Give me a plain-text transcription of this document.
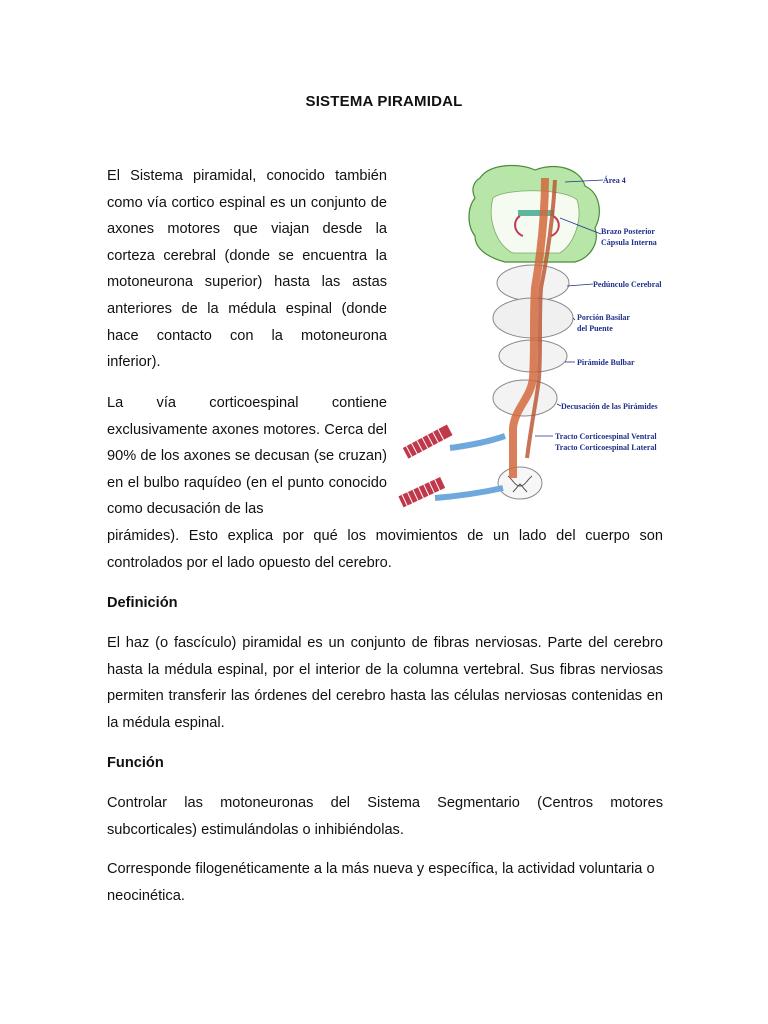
SISTEMA PIRAMIDAL

El Sistema piramidal, conocido también como vía cortico espinal es un conjunto de axones motores que viajan desde la corteza cerebral (donde se encuentra la motoneurona superior) hasta las astas anteriores de la médula espinal (donde hace contacto con la motoneurona inferior).

La vía corticoespinal contiene exclusivamente axones motores. Cerca del 90% de los axones se decusan (se cruzan) en el bulbo raquídeo (en el punto conocido como decusación de las

pirámides). Esto explica por qué los movimientos de un lado del cuerpo son controlados por el lado opuesto del cerebro.

Definición

El haz (o fascículo) piramidal es un conjunto de fibras nerviosas. Parte del cerebro hasta la médula espinal, por el interior de la columna vertebral. Sus fibras nerviosas permiten transferir las órdenes del cerebro hasta las células nerviosas contenidas en la médula espinal.

Función

Controlar las motoneuronas del Sistema Segmentario (Centros motores subcorticales) estimulándolas o inhibiéndolas.

Corresponde filogenéticamente a la más nueva y específica, la actividad voluntaria o neocinética.

Área 4
Brazo Posterior
Cápsula Interna
Pedúnculo Cerebral
Porción Basilar
del Puente
Pirámide Bulbar
Decusación de las Pirámides
Tracto Corticoespinal Ventral
Tracto Corticoespinal Lateral
